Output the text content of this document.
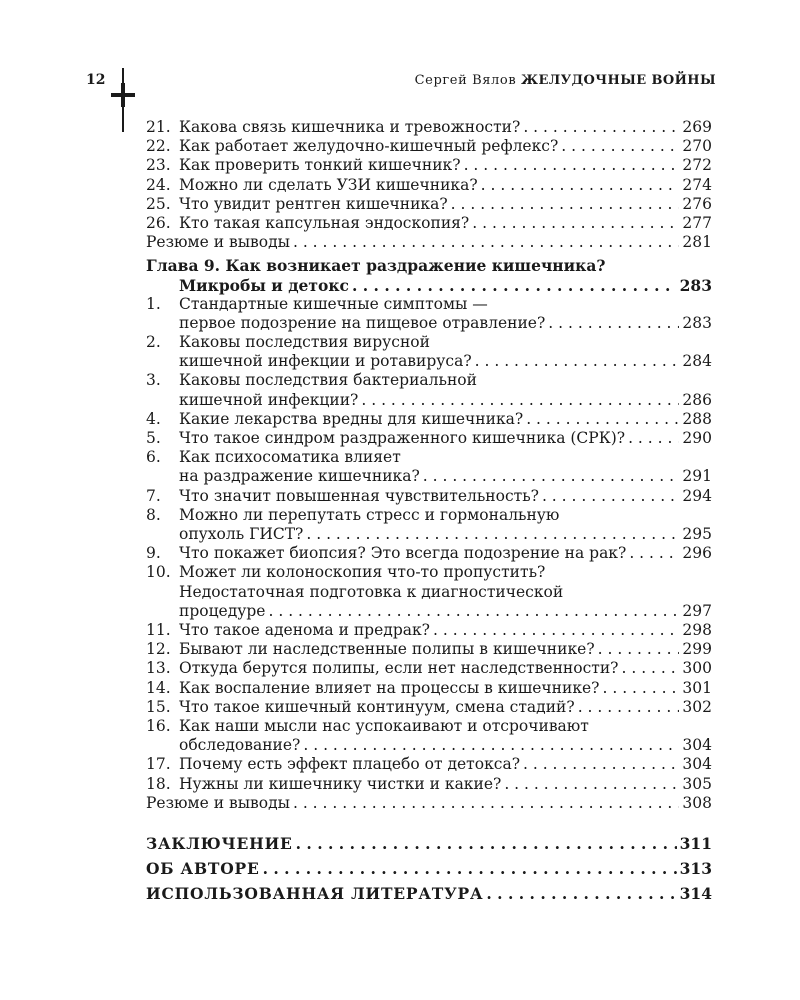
12	Сергей Вялов ЖЕЛУДОЧНЫЕ ВОЙНЫ
21. Какова связь кишечника и тревожности? . . .	269
22. Как работает желудочно-кишечный рефлекс? . . .	270
23. Как проверить тонкий кишечник? . . .	272
24. Можно ли сделать УЗИ кишечника? . . .	274
25. Что увидит рентген кишечника? . . .	276
26. Кто такая капсульная эндоскопия? . . .	277
Резюме и выводы . . .	281
Глава 9. Как возникает раздражение кишечника?
Микробы и детокс . . .	283
1. Стандартные кишечные симптомы —
первое подозрение на пищевое отравление? . . .	283
2. Каковы последствия вирусной
кишечной инфекции и ротавируса? . . .	284
3. Каковы последствия бактериальной
кишечной инфекции? . . .	286
4. Какие лекарства вредны для кишечника? . . .	288
5. Что такое синдром раздраженного кишечника (СРК)? . . .	290
6. Как психосоматика влияет
на раздражение кишечника? . . .	291
7. Что значит повышенная чувствительность? . . .	294
8. Можно ли перепутать стресс и гормональную
опухоль ГИСТ? . . .	295
9. Что покажет биопсия? Это всегда подозрение на рак? . . .	296
10. Может ли колоноскопия что-то пропустить?
Недостаточная подготовка к диагностической
процедуре . . .	297
11. Что такое аденома и предрак? . . .	298
12. Бывают ли наследственные полипы в кишечнике? . . .	299
13. Откуда берутся полипы, если нет наследственности? . . .	300
14. Как воспаление влияет на процессы в кишечнике? . . .	301
15. Что такое кишечный континуум, смена стадий? . . .	302
16. Как наши мысли нас успокаивают и отсрочивают
обследование? . . .	304
17. Почему есть эффект плацебо от детокса? . . .	304
18. Нужны ли кишечнику чистки и какие? . . .	305
Резюме и выводы . . .	308
ЗАКЛЮЧЕНИЕ . . .	311
ОБ АВТОРЕ . . .	313
ИСПОЛЬЗОВАННАЯ ЛИТЕРАТУРА . . .	314
